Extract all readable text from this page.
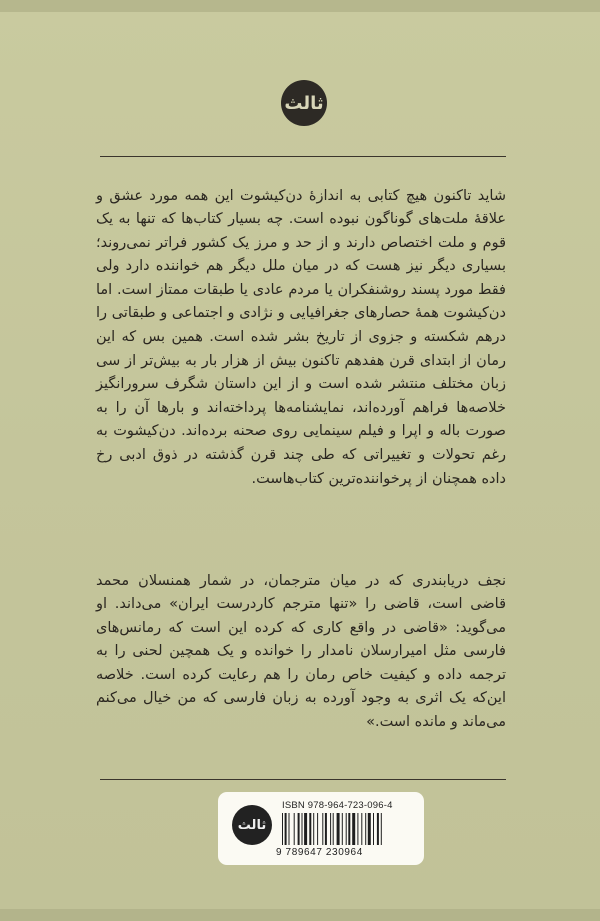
ثالث

شاید تاکنون هیچ کتابی به اندازهٔ دن‌کیشوت این همه مورد عشق و علاقهٔ ملت‌های گوناگون نبوده است. چه بسیار کتاب‌ها که تنها به یک قوم و ملت اختصاص دارند و از حد و مرز یک کشور فراتر نمی‌روند؛ بسیاری دیگر نیز هست که در میان ملل دیگر هم خواننده دارد ولی فقط مورد پسند روشنفکران یا مردم عادی یا طبقات ممتاز است. اما دن‌کیشوت همهٔ حصارهای جغرافیایی و نژادی و اجتماعی و طبقاتی را درهم شکسته و جزوی از تاریخ بشر شده است. همین بس که این رمان از ابتدای قرن هفدهم تاکنون بیش از هزار بار به بیش‌تر از سی زبان مختلف منتشر شده است و از این داستان شگرف سرورانگیز خلاصه‌ها فراهم آورده‌اند، نمایشنامه‌ها پرداخته‌اند و بارها آن را به صورت باله و اپرا و فیلم سینمایی روی صحنه برده‌اند. دن‌کیشوت به رغم تحولات و تغییراتی که طی چند قرن گذشته در ذوق ادبی رخ داده همچنان از پرخواننده‌ترین کتاب‌هاست.

نجف دریابندری که در میان مترجمان، در شمار همنسلان محمد قاضی است، قاضی را «تنها مترجم کاردرست ایران» می‌داند. او می‌گوید: «قاضی در واقع کاری که کرده این است که رمانس‌های فارسی مثل امیرارسلان نامدار را خوانده و یک همچین لحنی را به ترجمه داده و کیفیت خاص رمان را هم رعایت کرده است. خلاصه این‌که یک اثری به وجود آورده به زبان فارسی که من خیال می‌کنم می‌ماند و مانده است.»

ثالث
ISBN 978-964-723-096-4
9 789647 230964
